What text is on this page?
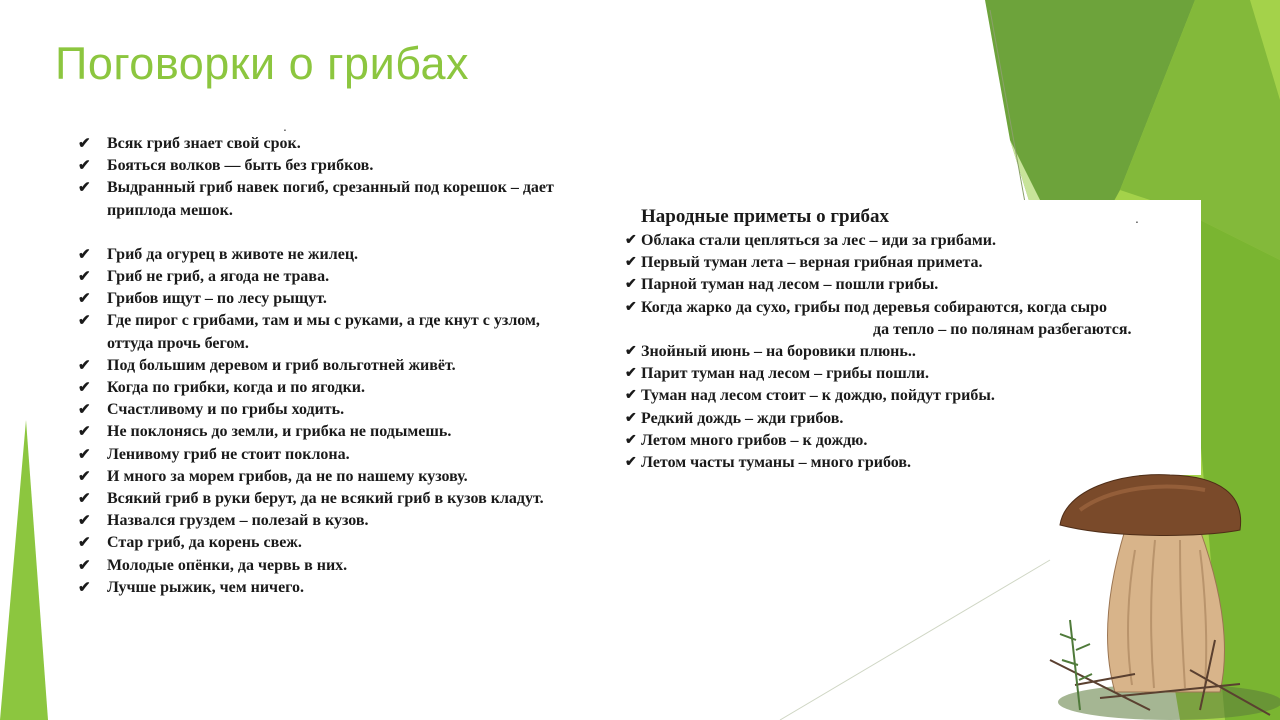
Поговорки о грибах
.
✔ Всяк гриб знает свой срок.
✔ Бояться волков — быть без грибков.
✔ Выдранный гриб навек погиб, срезанный под корешок – дает приплода мешок.
✔ Гриб да огурец в животе не жилец.
✔ Гриб не гриб, а ягода не трава.
✔ Грибов ищут – по лесу рыщут.
✔ Где пирог с грибами, там и мы с руками, а где кнут с узлом, оттуда прочь бегом.
✔ Под большим деревом и гриб вольготней живёт.
✔ Когда по грибки, когда и по ягодки.
✔ Счастливому и по грибы ходить.
✔ Не поклонясь до земли, и грибка не подымешь.
✔ Ленивому гриб не стоит поклона.
✔ И много за морем грибов, да не по нашему кузову.
✔ Всякий гриб в руки берут, да не всякий гриб в кузов кладут.
✔ Назвался груздем – полезай в кузов.
✔ Стар гриб, да корень свеж.
✔ Молодые опёнки, да червь в них.
✔ Лучше рыжик, чем ничего.
Народные приметы о грибах	.
✔ Облака стали цепляться за лес – иди за грибами.
✔ Первый туман лета – верная грибная примета.
✔ Парной туман над лесом – пошли грибы.
✔ Когда жарко да сухо, грибы под деревья собираются, когда сыро
да тепло – по полянам разбегаются.
✔ Знойный июнь – на боровики плюнь..
✔ Парит туман над лесом – грибы пошли.
✔ Туман над лесом стоит – к дождю, пойдут грибы.
✔ Редкий дождь – жди грибов.
✔ Летом много грибов – к дождю.
✔ Летом часты туманы – много грибов.
